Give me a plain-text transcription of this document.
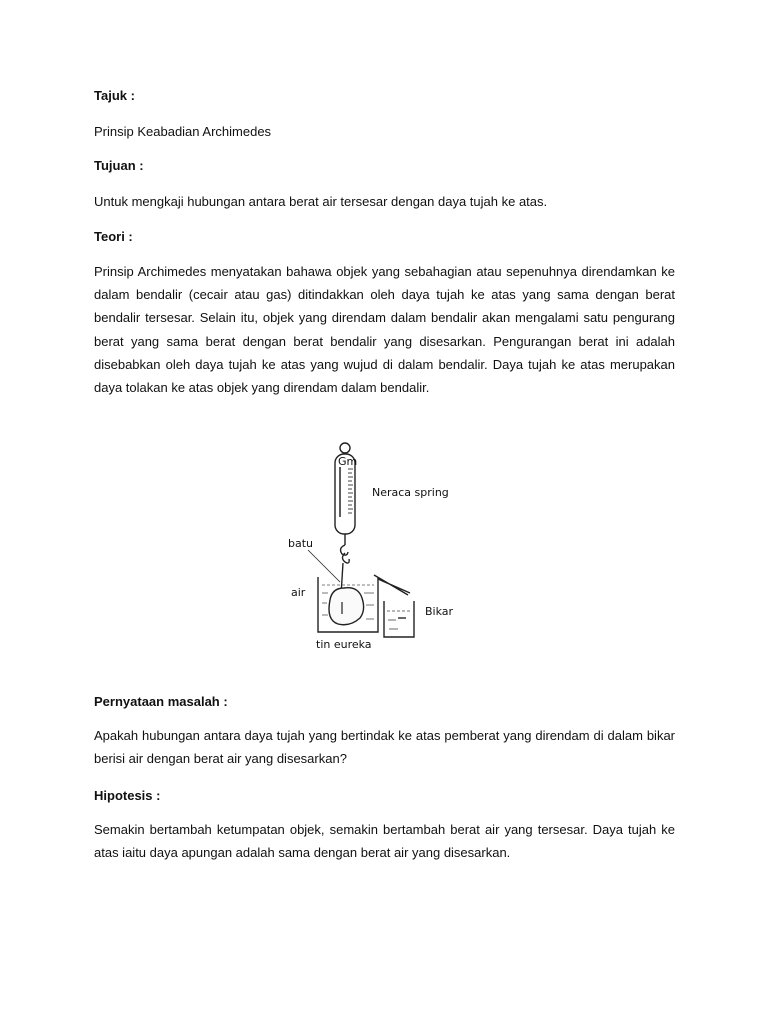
Tajuk :

Prinsip Keabadian Archimedes

Tujuan :

Untuk mengkaji hubungan antara berat air tersesar dengan daya tujah ke atas.

Teori :

Prinsip Archimedes menyatakan bahawa objek yang sebahagian atau sepenuhnya direndamkan ke dalam bendalir (cecair atau gas) ditindakkan oleh daya tujah ke atas yang sama dengan berat bendalir tersesar. Selain itu, objek yang direndam dalam bendalir akan mengalami satu pengurang berat yang sama berat dengan berat bendalir yang disesarkan. Pengurangan berat ini adalah disebabkan oleh daya tujah ke atas yang wujud di dalam bendalir. Daya tujah ke atas merupakan daya tolakan ke atas objek yang direndam dalam bendalir.

Gm
Neraca spring
batu
air
Bikar
tin eureka

Pernyataan masalah :

Apakah hubungan antara daya tujah yang bertindak ke atas pemberat yang direndam di dalam bikar berisi air dengan berat air yang disesarkan?

Hipotesis :

Semakin bertambah ketumpatan objek, semakin bertambah berat air yang tersesar. Daya tujah ke atas iaitu daya apungan adalah sama dengan berat air yang disesarkan.
